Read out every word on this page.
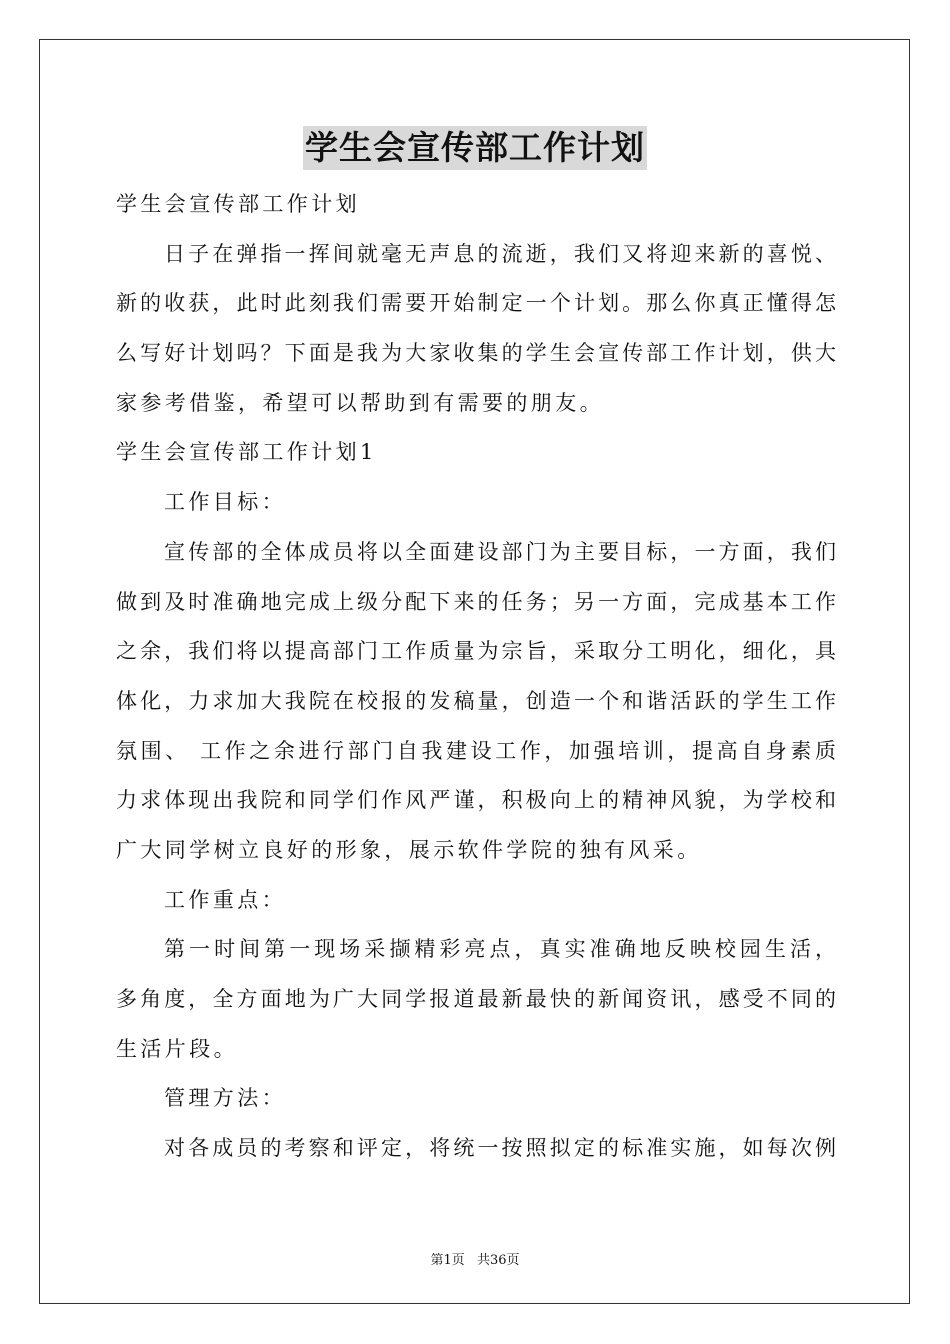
学生会宣传部工作计划
学生会宣传部工作计划
日子在弹指一挥间就毫无声息的流逝，我们又将迎来新的喜悦、
新的收获，此时此刻我们需要开始制定一个计划。那么你真正懂得怎
么写好计划吗？下面是我为大家收集的学生会宣传部工作计划，供大
家参考借鉴，希望可以帮助到有需要的朋友。
学生会宣传部工作计划1
工作目标：
宣传部的全体成员将以全面建设部门为主要目标，一方面，我们
做到及时准确地完成上级分配下来的任务；另一方面，完成基本工作
之余，我们将以提高部门工作质量为宗旨，采取分工明化，细化，具
体化，力求加大我院在校报的发稿量，创造一个和谐活跃的学生工作
氛围、 工作之余进行部门自我建设工作，加强培训，提高自身素质
力求体现出我院和同学们作风严谨，积极向上的精神风貌，为学校和
广大同学树立良好的形象，展示软件学院的独有风采。
工作重点：
第一时间第一现场采撷精彩亮点，真实准确地反映校园生活，
多角度，全方面地为广大同学报道最新最快的新闻资讯，感受不同的
生活片段。
管理方法：
对各成员的考察和评定，将统一按照拟定的标准实施，如每次例
第1页 共36页
